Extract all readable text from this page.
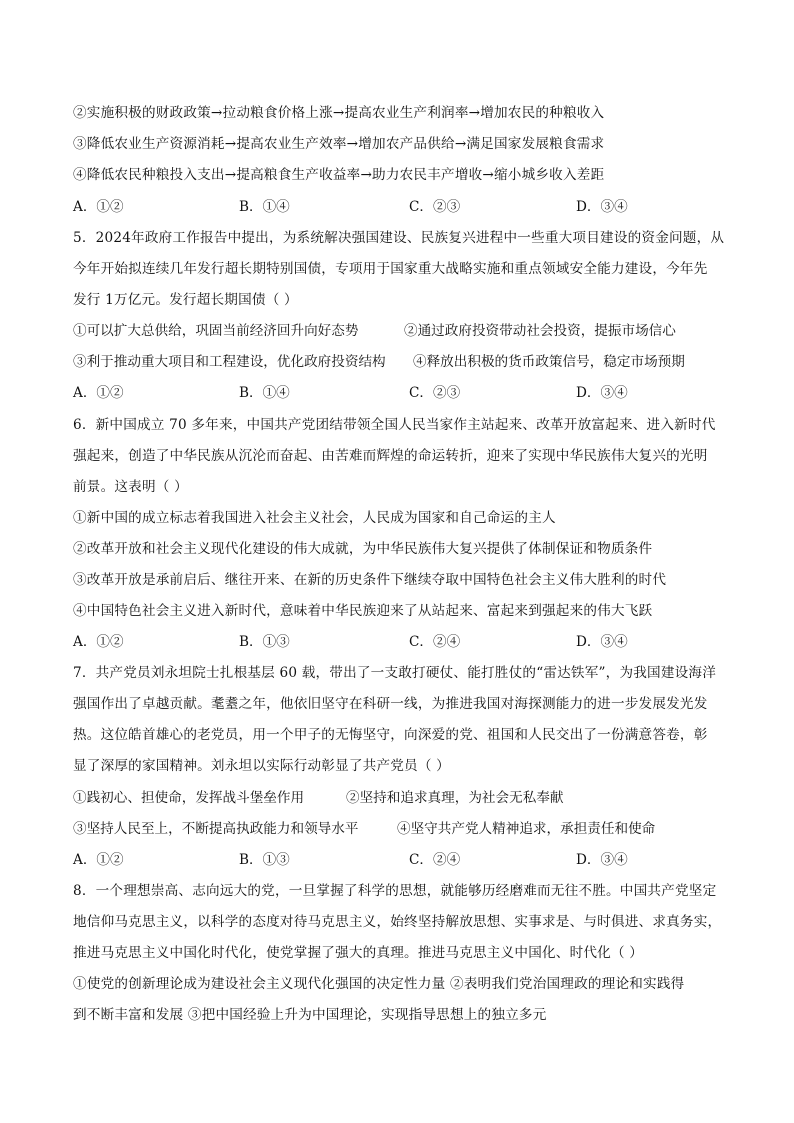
②实施积极的财政政策→拉动粮食价格上涨→提高农业生产利润率→增加农民的种粮收入
③降低农业生产资源消耗→提高农业生产效率→增加农产品供给→满足国家发展粮食需求
④降低农民种粮投入支出→提高粮食生产收益率→助力农民丰产增收→缩小城乡收入差距
A．①②	B．①④	C．②③	D．③④
5．2024年政府工作报告中提出，为系统解决强国建设、民族复兴进程中一些重大项目建设的资金问题，从
今年开始拟连续几年发行超长期特别国债，专项用于国家重大战略实施和重点领域安全能力建设，今年先
发行 1万亿元。发行超长期国债（ ）
①可以扩大总供给，巩固当前经济回升向好态势	②通过政府投资带动社会投资，提振市场信心
③利于推动重大项目和工程建设，优化政府投资结构 ④释放出积极的货币政策信号，稳定市场预期
A．①②	B．①④	C．②③	D．③④
6．新中国成立 70 多年来，中国共产党团结带领全国人民当家作主站起来、改革开放富起来、进入新时代
强起来，创造了中华民族从沉沦而奋起、由苦难而辉煌的命运转折，迎来了实现中华民族伟大复兴的光明
前景。这表明（ ）
①新中国的成立标志着我国进入社会主义社会，人民成为国家和自己命运的主人
②改革开放和社会主义现代化建设的伟大成就，为中华民族伟大复兴提供了体制保证和物质条件
③改革开放是承前启后、继往开来、在新的历史条件下继续夺取中国特色社会主义伟大胜利的时代
④中国特色社会主义进入新时代，意味着中华民族迎来了从站起来、富起来到强起来的伟大飞跃
A．①②	B．①③	C．②④	D．③④
7．共产党员刘永坦院士扎根基层 60 载，带出了一支敢打硬仗、能打胜仗的“雷达铁军”，为我国建设海洋
强国作出了卓越贡献。耄耋之年，他依旧坚守在科研一线，为推进我国对海探测能力的进一步发展发光发
热。这位皓首雄心的老党员，用一个甲子的无悔坚守，向深爱的党、祖国和人民交出了一份满意答卷，彰
显了深厚的家国精神。刘永坦以实际行动彰显了共产党员（ ）
①践初心、担使命，发挥战斗堡垒作用	②坚持和追求真理，为社会无私奉献
③坚持人民至上，不断提高执政能力和领导水平	④坚守共产党人精神追求，承担责任和使命
A．①②	B．①③	C．②④	D．③④
8．一个理想崇高、志向远大的党，一旦掌握了科学的思想，就能够历经磨难而无往不胜。中国共产党坚定
地信仰马克思主义，以科学的态度对待马克思主义，始终坚持解放思想、实事求是、与时俱进、求真务实，
推进马克思主义中国化时代化，使党掌握了强大的真理。推进马克思主义中国化、时代化（ ）
①使党的创新理论成为建设社会主义现代化强国的决定性力量 ②表明我们党治国理政的理论和实践得
到不断丰富和发展 ③把中国经验上升为中国理论，实现指导思想上的独立多元
